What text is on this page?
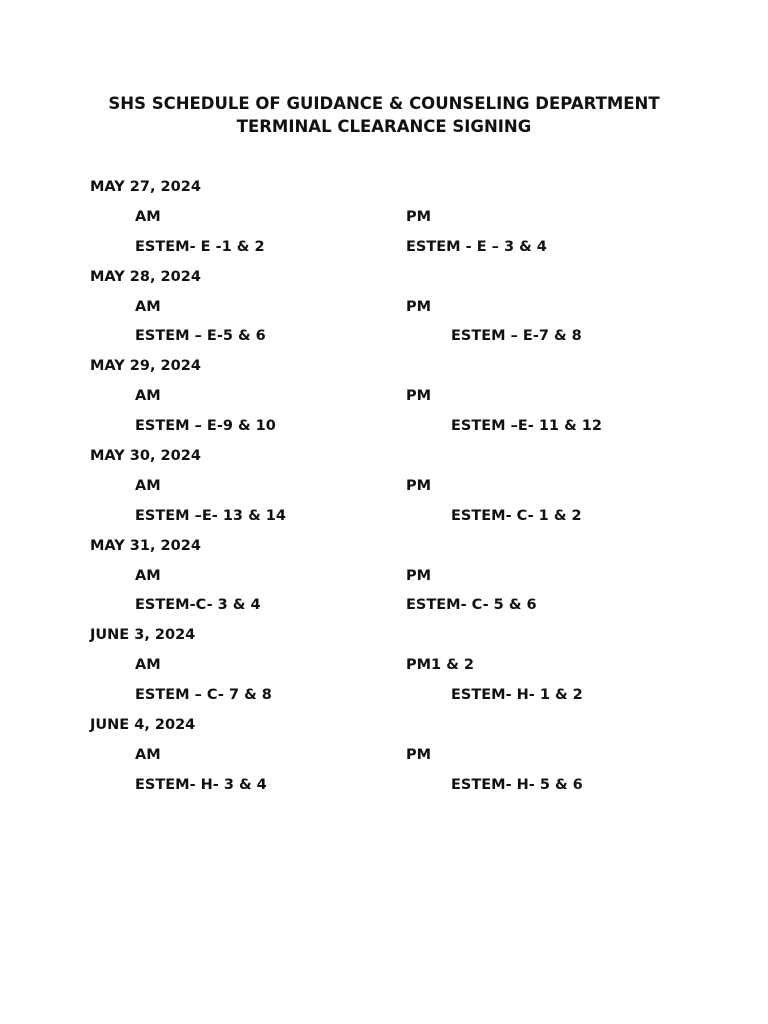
SHS SCHEDULE OF GUIDANCE & COUNSELING DEPARTMENT
TERMINAL CLEARANCE SIGNING
MAY 27, 2024
AM	PM
ESTEM- E -1 & 2	ESTEM - E – 3 & 4
MAY 28, 2024
AM	PM
ESTEM – E-5 & 6	ESTEM – E-7 & 8
MAY 29, 2024
AM	PM
ESTEM – E-9 & 10	ESTEM –E- 11 & 12
MAY 30, 2024
AM	PM
ESTEM –E- 13 & 14	ESTEM- C- 1 & 2
MAY 31, 2024
AM	PM
ESTEM-C- 3 & 4	ESTEM- C- 5 & 6
JUNE 3, 2024
AM	PM1 & 2
ESTEM – C- 7 & 8	ESTEM- H- 1 & 2
JUNE 4, 2024
AM	PM
ESTEM- H- 3 & 4	ESTEM- H- 5 & 6
